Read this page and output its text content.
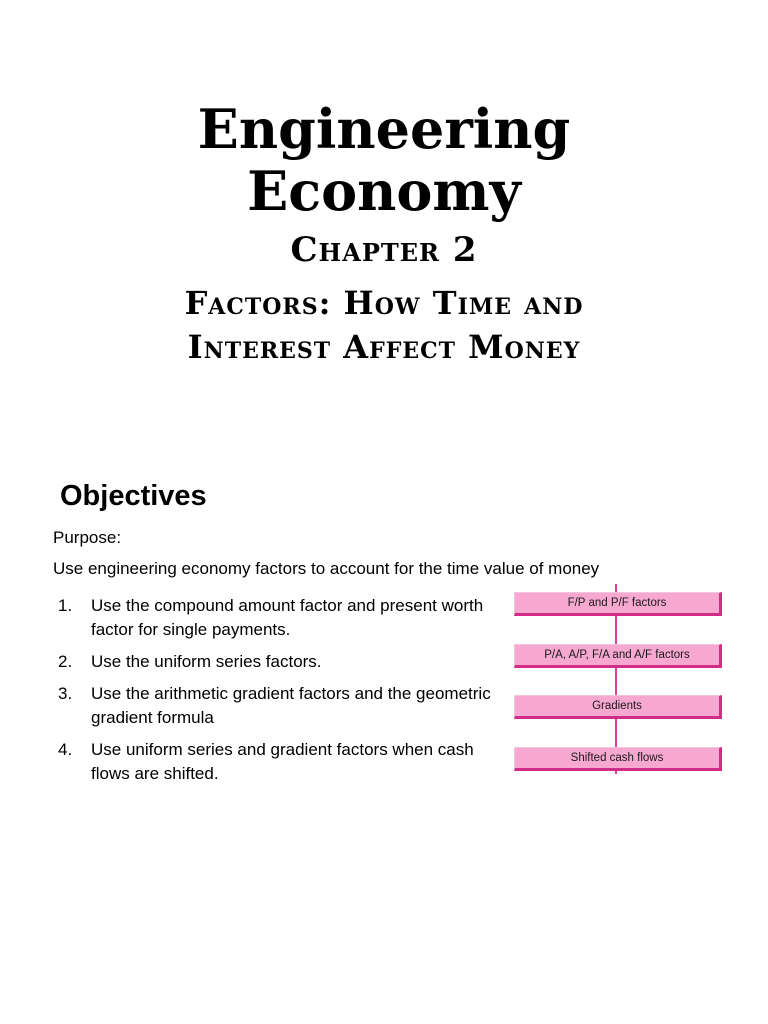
Engineering
Economy
Chapter 2
Factors: How Time and
Interest Affect Money
Objectives
Purpose:
Use engineering economy factors to account for the time value of money
1. Use the compound amount factor and present worth factor for single payments.
2. Use the uniform series factors.
3. Use the arithmetic gradient factors and the geometric gradient formula
4. Use uniform series and gradient factors when cash flows are shifted.
F/P and P/F factors
P/A, A/P, F/A and A/F factors
Gradients
Shifted cash flows
